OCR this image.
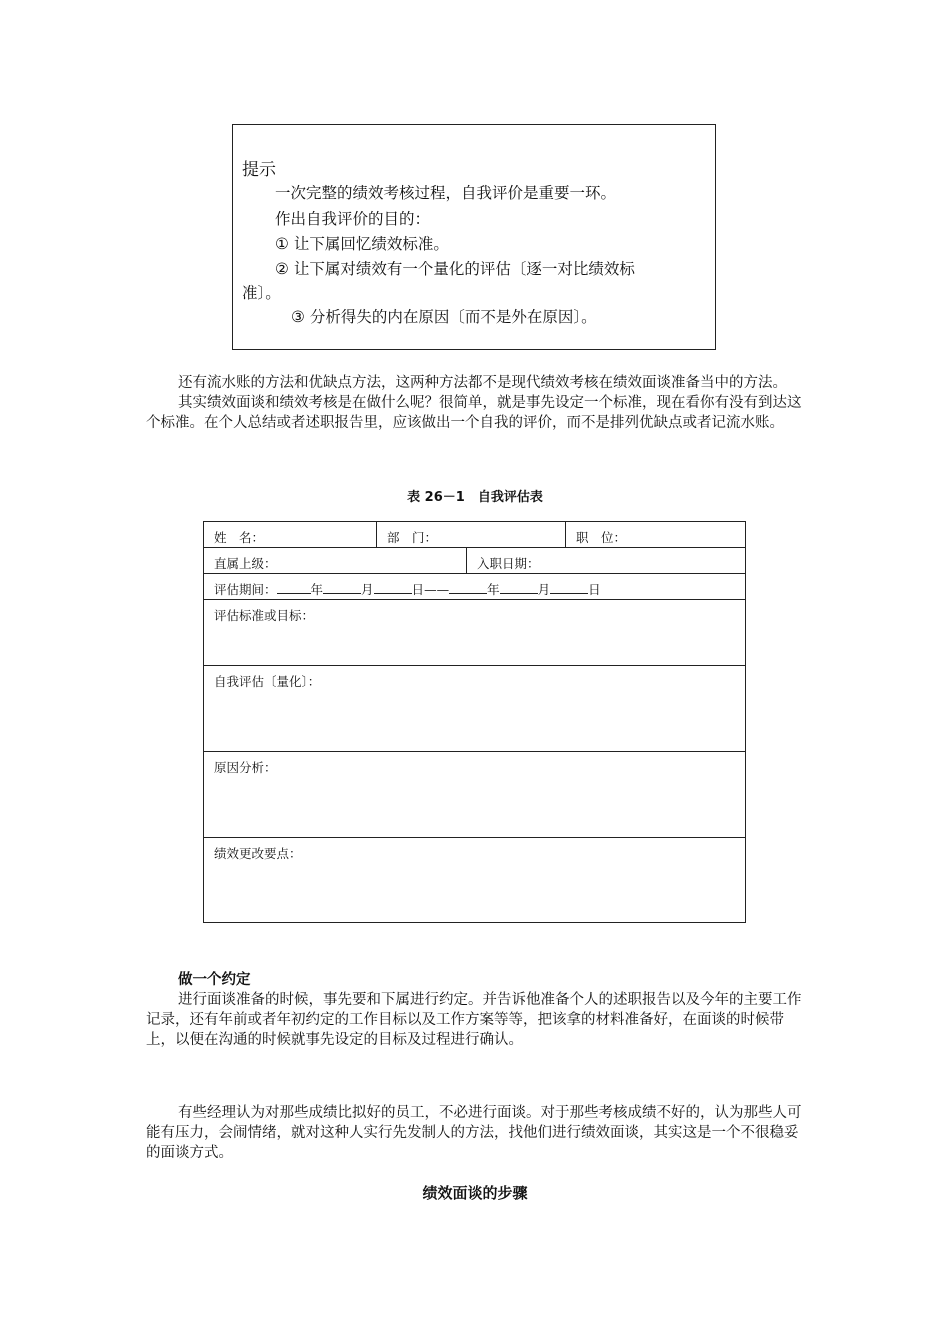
提示
一次完整的绩效考核过程，自我评价是重要一环。
作出自我评价的目的：
① 让下属回忆绩效标准。
② 让下属对绩效有一个量化的评估〔逐一对比绩效标
准〕。
③ 分析得失的内在原因〔而不是外在原因〕。

还有流水账的方法和优缺点方法，这两种方法都不是现代绩效考核在绩效面谈准备当中的方法。

其实绩效面谈和绩效考核是在做什么呢？很简单，就是事先设定一个标准，现在看你有没有到达这个标准。在个人总结或者述职报告里，应该做出一个自我的评价，而不是排列优缺点或者记流水账。

表 26－1　自我评估表
姓　名：	部　门：	职　位：
直属上级：	入职日期：
评估期间：	年	月	日——	年	月	日
评估标准或目标：
自我评估〔量化〕：
原因分析：
绩效更改要点：
做一个约定

进行面谈准备的时候，事先要和下属进行约定。并告诉他准备个人的述职报告以及今年的主要工作记录，还有年前或者年初约定的工作目标以及工作方案等等，把该拿的材料准备好，在面谈的时候带上，以便在沟通的时候就事先设定的目标及过程进行确认。

有些经理认为对那些成绩比拟好的员工，不必进行面谈。对于那些考核成绩不好的，认为那些人可能有压力，会闹情绪，就对这种人实行先发制人的方法，找他们进行绩效面谈，其实这是一个不很稳妥的面谈方式。

绩效面谈的步骤
